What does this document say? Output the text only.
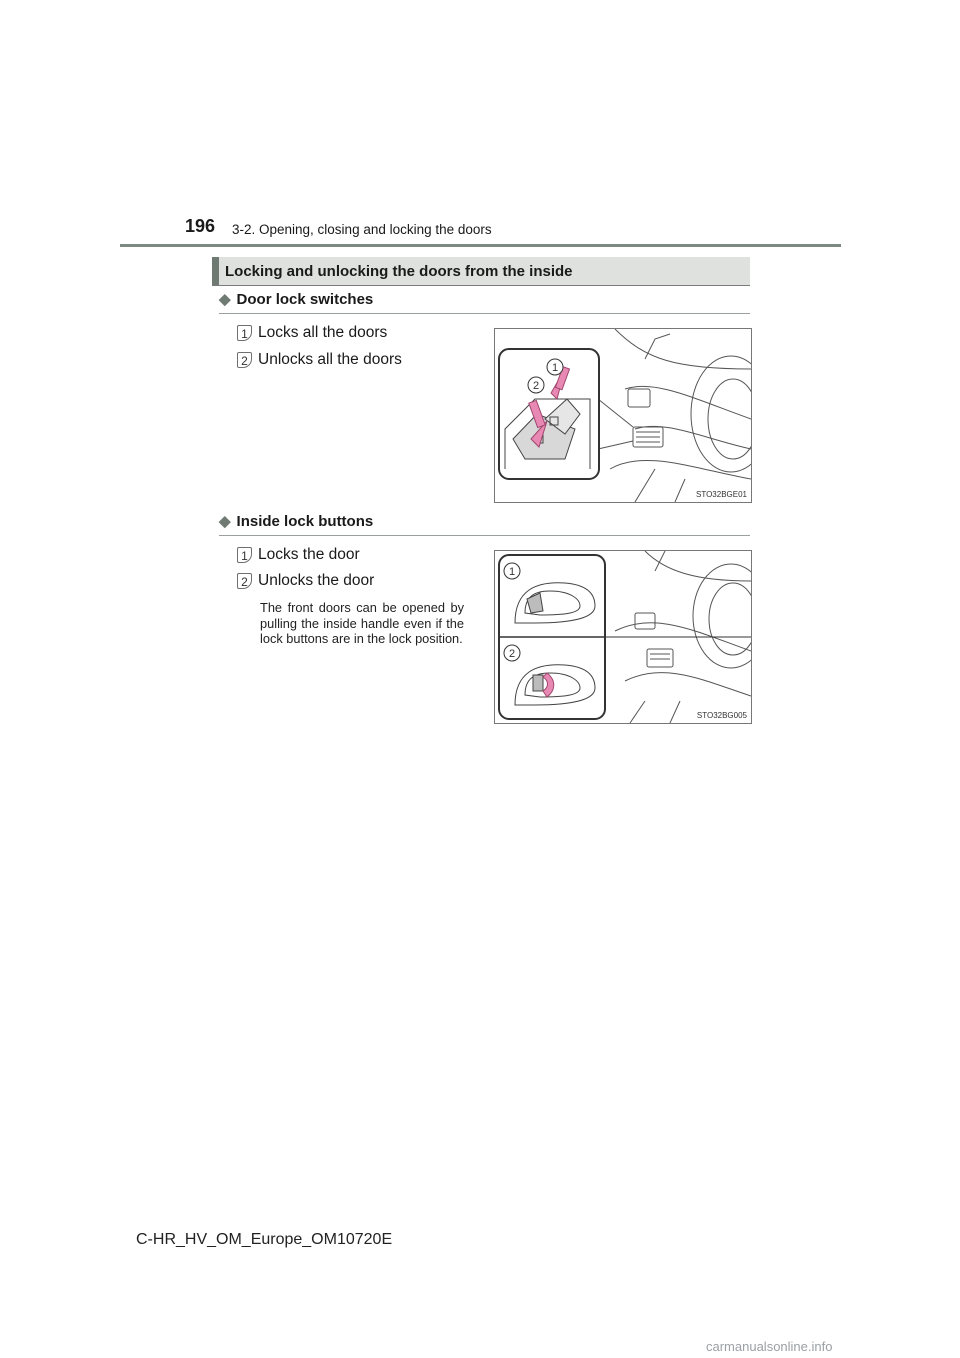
196 3-2. Opening, closing and locking the doors
Locking and unlocking the doors from the inside
◆ Door lock switches
1 Locks all the doors
2 Unlocks all the doors	1
2
STO32BGE01
◆ Inside lock buttons
1 Locks the door
2 Unlocks the door
The front doors can be opened by pulling the inside handle even if the lock buttons are in the lock position.
1
2
STO32BG005
C-HR_HV_OM_Europe_OM10720E
carmanualsonline.info
